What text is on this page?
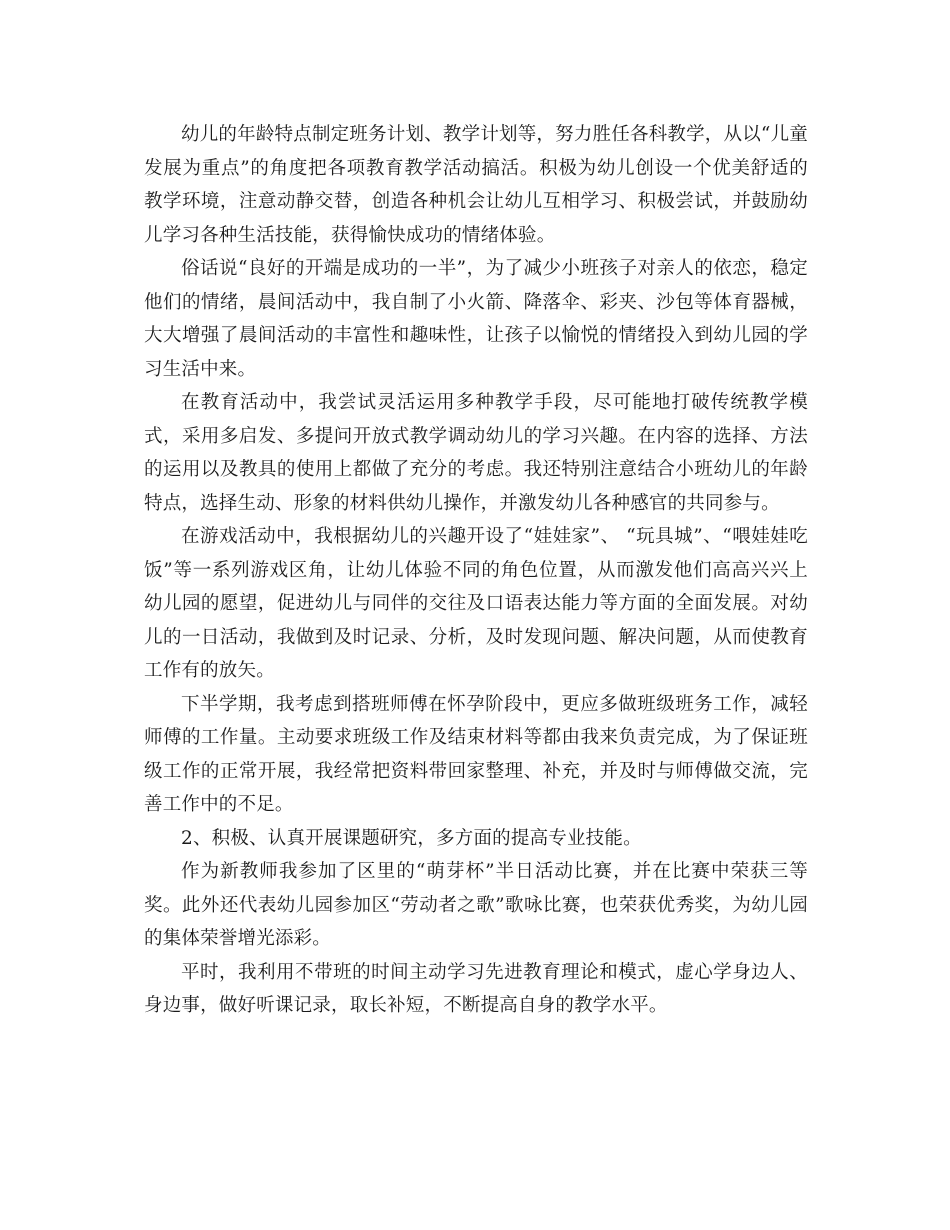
幼儿的年龄特点制定班务计划、教学计划等，努力胜任各科教学，从以“儿童发展为重点”的角度把各项教育教学活动搞活。积极为幼儿创设一个优美舒适的教学环境，注意动静交替，创造各种机会让幼儿互相学习、积极尝试，并鼓励幼儿学习各种生活技能，获得愉快成功的情绪体验。

俗话说“良好的开端是成功的一半”，为了减少小班孩子对亲人的依恋，稳定他们的情绪，晨间活动中，我自制了小火箭、降落伞、彩夹、沙包等体育器械，大大增强了晨间活动的丰富性和趣味性，让孩子以愉悦的情绪投入到幼儿园的学习生活中来。

在教育活动中，我尝试灵活运用多种教学手段，尽可能地打破传统教学模式，采用多启发、多提问开放式教学调动幼儿的学习兴趣。在内容的选择、方法的运用以及教具的使用上都做了充分的考虑。我还特别注意结合小班幼儿的年龄特点，选择生动、形象的材料供幼儿操作，并激发幼儿各种感官的共同参与。

在游戏活动中，我根据幼儿的兴趣开设了“娃娃家”、 “玩具城”、“喂娃娃吃饭”等一系列游戏区角，让幼儿体验不同的角色位置，从而激发他们高高兴兴上幼儿园的愿望，促进幼儿与同伴的交往及口语表达能力等方面的全面发展。对幼儿的一日活动，我做到及时记录、分析，及时发现问题、解决问题，从而使教育工作有的放矢。

下半学期，我考虑到搭班师傅在怀孕阶段中，更应多做班级班务工作，减轻师傅的工作量。主动要求班级工作及结束材料等都由我来负责完成，为了保证班级工作的正常开展，我经常把资料带回家整理、补充，并及时与师傅做交流，完善工作中的不足。

2、积极、认真开展课题研究，多方面的提高专业技能。

作为新教师我参加了区里的“萌芽杯”半日活动比赛，并在比赛中荣获三等奖。此外还代表幼儿园参加区“劳动者之歌”歌咏比赛，也荣获优秀奖，为幼儿园的集体荣誉增光添彩。

平时，我利用不带班的时间主动学习先进教育理论和模式，虚心学身边人、身边事，做好听课记录，取长补短，不断提高自身的教学水平。
